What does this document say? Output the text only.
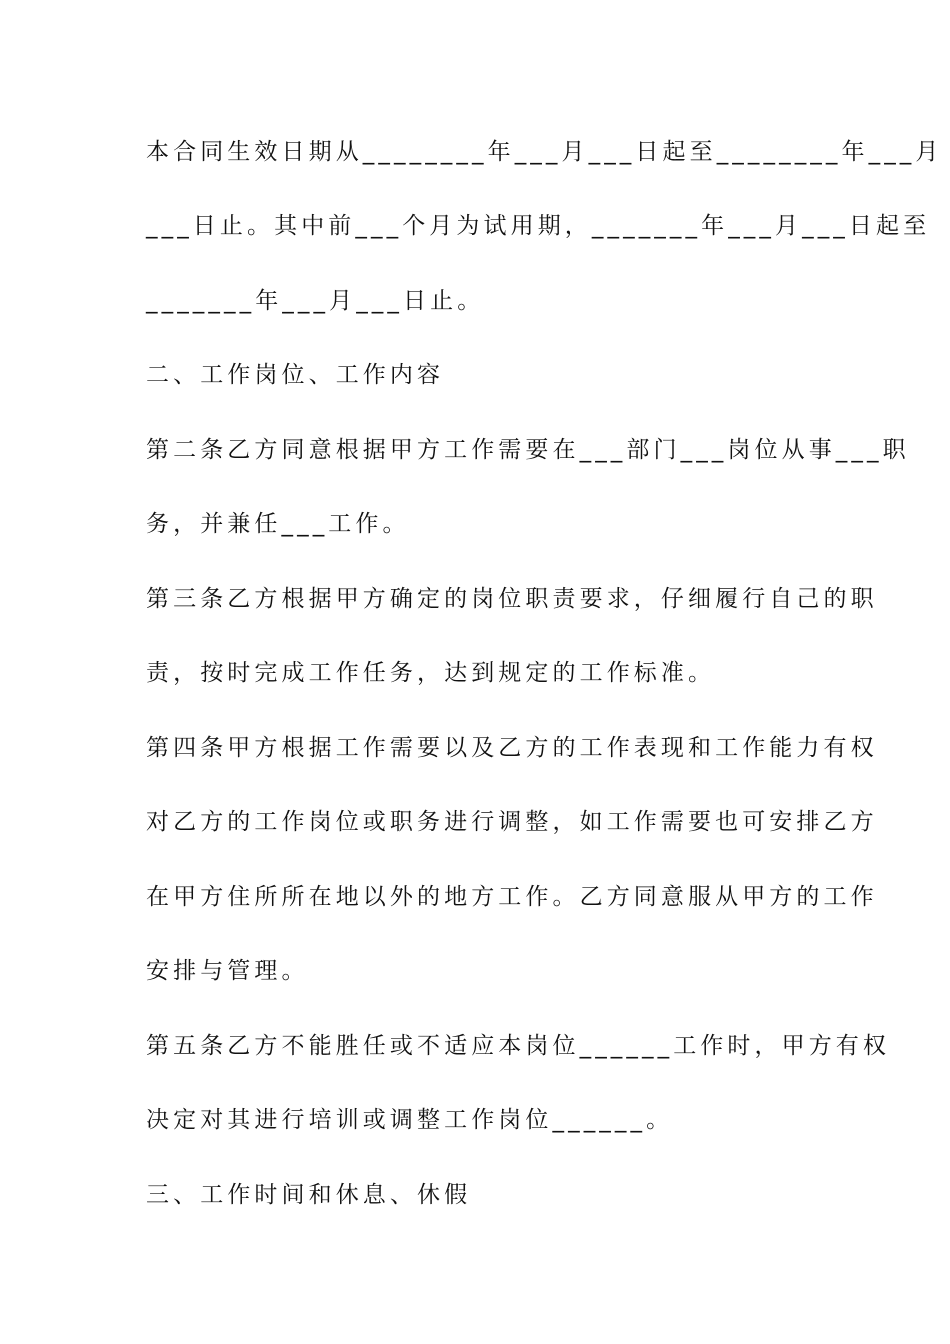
本合同生效日期从________年___月___日起至________年___月
___日止。其中前___个月为试用期，_______年___月___日起至
_______年___月___日止。
二、工作岗位、工作内容
第二条乙方同意根据甲方工作需要在___部门___岗位从事___职
务，并兼任___工作。
第三条乙方根据甲方确定的岗位职责要求，仔细履行自己的职
责，按时完成工作任务，达到规定的工作标准。
第四条甲方根据工作需要以及乙方的工作表现和工作能力有权
对乙方的工作岗位或职务进行调整，如工作需要也可安排乙方
在甲方住所所在地以外的地方工作。乙方同意服从甲方的工作
安排与管理。
第五条乙方不能胜任或不适应本岗位______工作时，甲方有权
决定对其进行培训或调整工作岗位______。
三、工作时间和休息、休假
